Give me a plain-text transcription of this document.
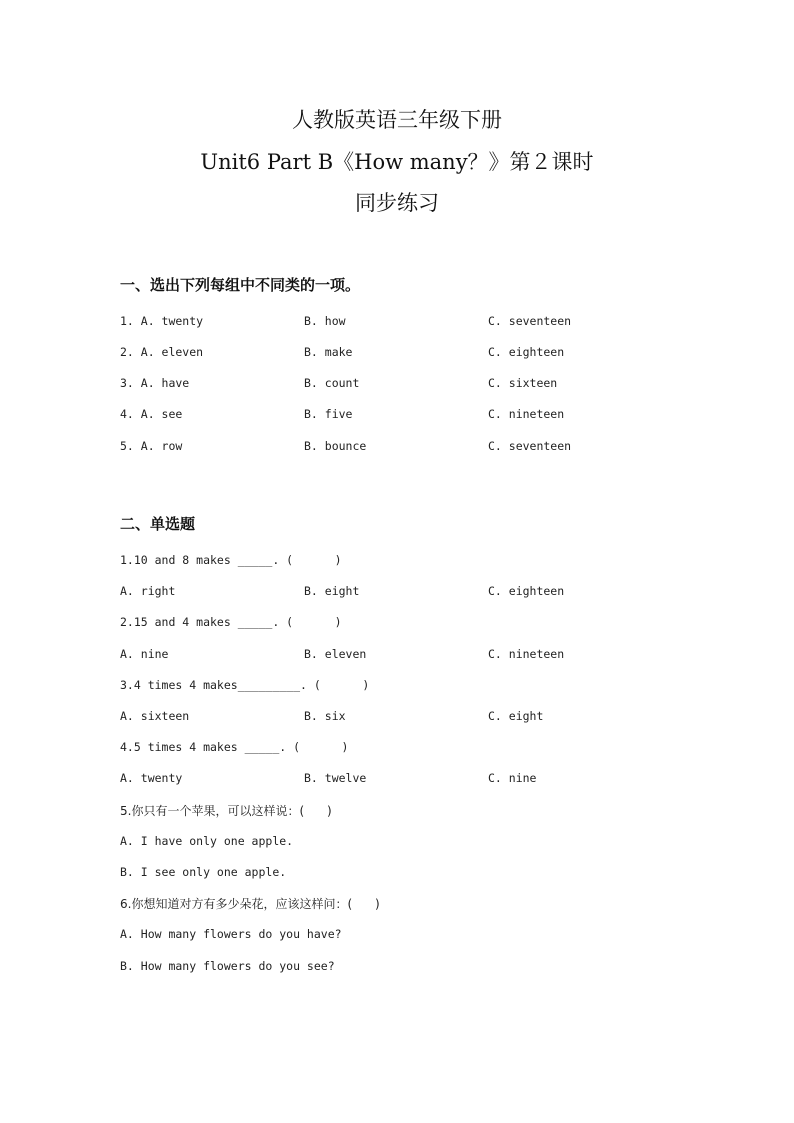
人教版英语三年级下册
Unit6 Part B《How many？》第２课时
同步练习
一、选出下列每组中不同类的一项。
1. A. twenty	B. how	C. seventeen
2. A. eleven	B. make	C. eighteen
3. A. have	B. count	C. sixteen
4. A. see	B. five	C. nineteen
5. A. row	B. bounce	C. seventeen
二、单选题
1.10 and 8 makes _____. (      )
A. right	B. eight	C. eighteen
2.15 and 4 makes _____. (      )
A. nine	B. eleven	C. nineteen
3.4 times 4 makes_________. (      )
A. sixteen	B. six	C. eight
4.5 times 4 makes _____. (      )
A. twenty	B. twelve	C. nine
5.你只有一个苹果，可以这样说：(      )
A. I have only one apple.
B. I see only one apple.
6.你想知道对方有多少朵花，应该这样问：(      )
A. How many flowers do you have?
B. How many flowers do you see?
